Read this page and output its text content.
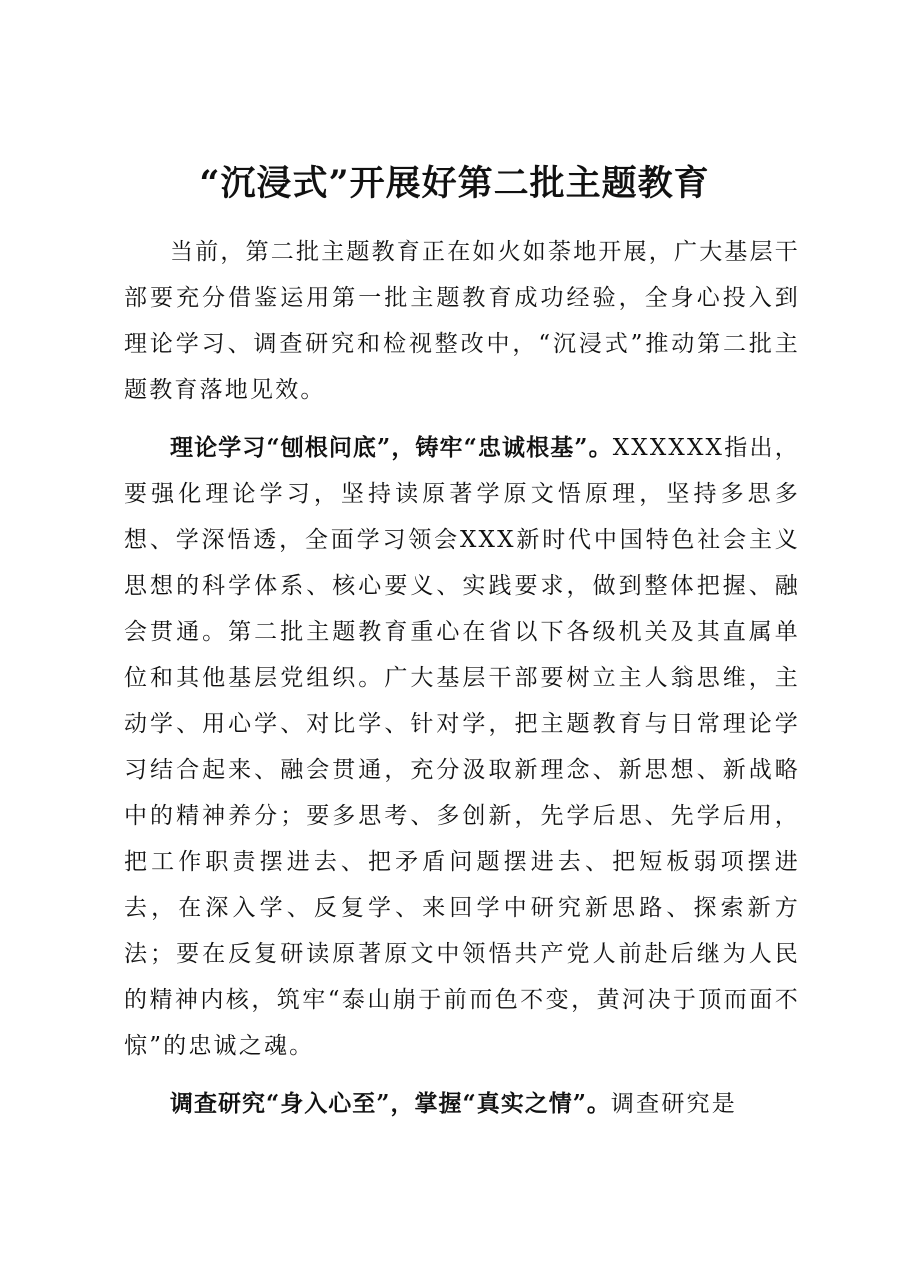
“沉浸式”开展好第二批主题教育

当前，第二批主题教育正在如火如荼地开展，广大基层干部要充分借鉴运用第一批主题教育成功经验，全身心投入到理论学习、调查研究和检视整改中，“沉浸式”推动第二批主题教育落地见效。

理论学习“刨根问底”，铸牢“忠诚根基”。XXXXXX指出，要强化理论学习，坚持读原著学原文悟原理，坚持多思多想、学深悟透，全面学习领会XXX新时代中国特色社会主义思想的科学体系、核心要义、实践要求，做到整体把握、融会贯通。第二批主题教育重心在省以下各级机关及其直属单位和其他基层党组织。广大基层干部要树立主人翁思维，主动学、用心学、对比学、针对学，把主题教育与日常理论学习结合起来、融会贯通，充分汲取新理念、新思想、新战略中的精神养分；要多思考、多创新，先学后思、先学后用，把工作职责摆进去、把矛盾问题摆进去、把短板弱项摆进去，在深入学、反复学、来回学中研究新思路、探索新方法；要在反复研读原著原文中领悟共产党人前赴后继为人民的精神内核，筑牢“泰山崩于前而色不变，黄河决于顶而面不惊”的忠诚之魂。

调查研究“身入心至”，掌握“真实之情”。调查研究是
